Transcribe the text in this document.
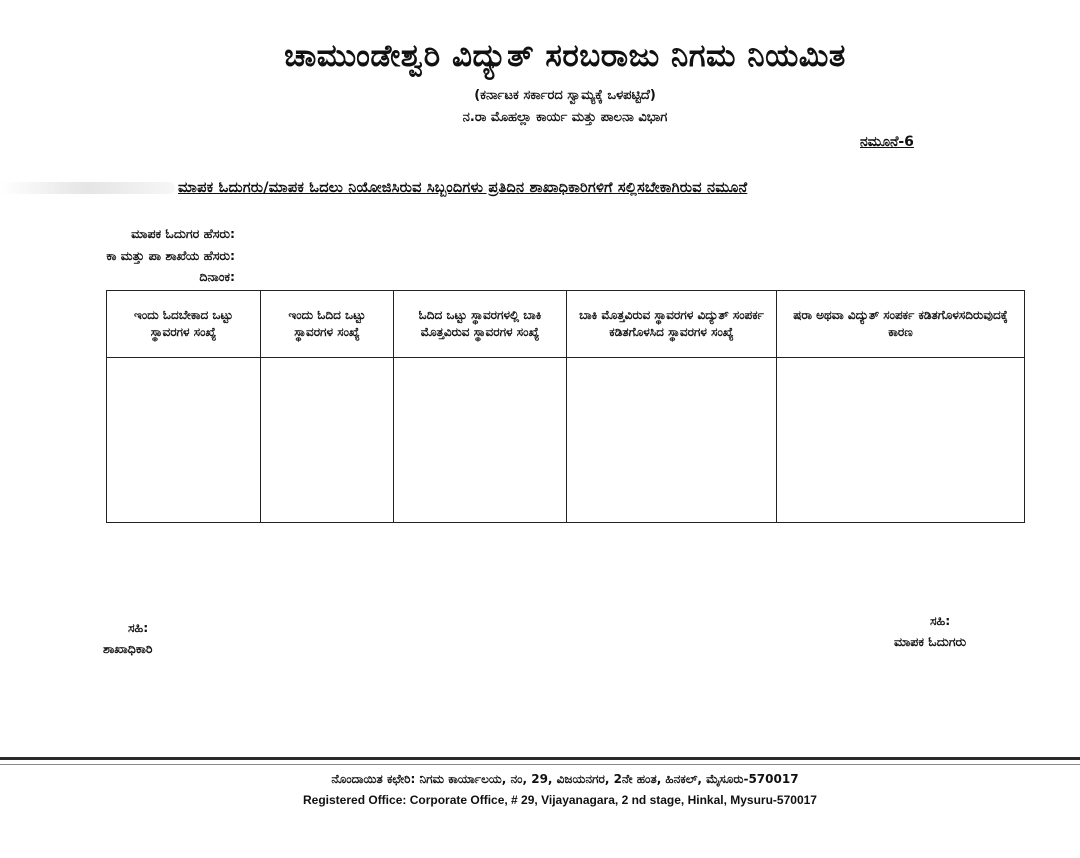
ಚಾಮುಂಡೇಶ್ವರಿ ವಿದ್ಯುತ್ ಸರಬರಾಜು ನಿಗಮ ನಿಯಮಿತ
(ಕರ್ನಾಟಕ ಸರ್ಕಾರದ ಸ್ವಾಮ್ಯಕ್ಕೆ ಒಳಪಟ್ಟಿದೆ)
ನ.ರಾ ಮೊಹಲ್ಲಾ ಕಾರ್ಯ ಮತ್ತು ಪಾಲನಾ ವಿಭಾಗ
ನಮೂನೆ-6
ಮಾಪಕ ಓದುಗರು/ಮಾಪಕ ಓದಲು ನಿಯೋಜಿಸಿರುವ ಸಿಬ್ಬಂದಿಗಳು ಪ್ರತಿದಿನ ಶಾಖಾಧಿಕಾರಿಗಳಿಗೆ ಸಲ್ಲಿಸಬೇಕಾಗಿರುವ ನಮೂನೆ
ಮಾಪಕ ಓದುಗರ ಹೆಸರು:
ಕಾ ಮತ್ತು ಪಾ ಶಾಖೆಯ ಹೆಸರು:
ದಿನಾಂಕ:
ಇಂದು ಓದಬೇಕಾದ ಒಟ್ಟು ಸ್ಥಾವರಗಳ ಸಂಖ್ಯೆ	ಇಂದು ಓದಿದ ಒಟ್ಟು ಸ್ಥಾವರಗಳ ಸಂಖ್ಯೆ	ಓದಿದ ಒಟ್ಟು ಸ್ಥಾವರಗಳಲ್ಲಿ ಬಾಕಿ ಮೊತ್ತವಿರುವ ಸ್ಥಾವರಗಳ ಸಂಖ್ಯೆ	ಬಾಕಿ ಮೊತ್ತವಿರುವ ಸ್ಥಾವರಗಳ ವಿದ್ಯುತ್ ಸಂಪರ್ಕ ಕಡಿತಗೊಳಸಿದ ಸ್ಥಾವರಗಳ ಸಂಖ್ಯೆ	ಷರಾ ಅಥವಾ ವಿದ್ಯುತ್ ಸಂಪರ್ಕ ಕಡಿತಗೊಳಸದಿರುವುದಕ್ಕೆ ಕಾರಣ

ಸಹಿ:
ಶಾಖಾಧಿಕಾರಿ
ಸಹಿ:
ಮಾಪಕ ಓದುಗರು
ನೊಂದಾಯಿತ ಕಛೇರಿ: ನಿಗಮ ಕಾರ್ಯಾಲಯ, ನಂ, 29, ವಿಜಯನಗರ, 2ನೇ ಹಂತ, ಹಿನಕಲ್, ಮೈಸೂರು-570017
Registered Office: Corporate Office, # 29, Vijayanagara, 2 nd stage, Hinkal, Mysuru-570017
